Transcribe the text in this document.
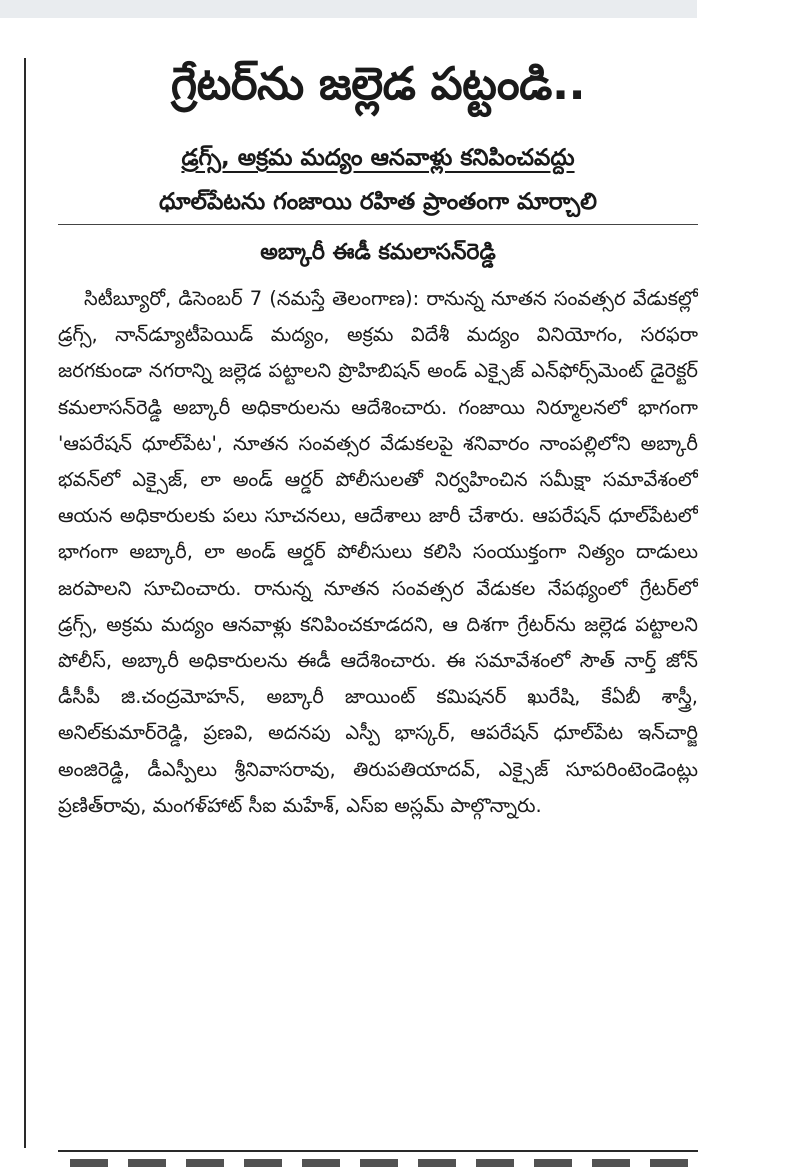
గ్రేటర్‌ను జల్లెడ పట్టండి..
డ్రగ్స్‌, అక్రమ మద్యం ఆనవాళ్లు కనిపించవద్దు
ధూల్‌పేటను గంజాయి రహిత ప్రాంతంగా మార్చాలి
అబ్కారీ ఈడీ కమలాసన్‌రెడ్డి

సిటీబ్యూరో, డిసెంబర్‌ 7 (నమస్తే తెలంగాణ): రానున్న నూతన సంవత్సర వేడుకల్లో డ్రగ్స్‌, నాన్‌డ్యూటీపెయిడ్‌ మద్యం, అక్రమ విదేశీ మద్యం వినియోగం, సరఫరా జరగకుండా నగరాన్ని జల్లెడ పట్టాలని ప్రొహిబిషన్‌ అండ్‌ ఎక్సైజ్‌ ఎన్‌ఫోర్స్‌మెంట్‌ డైరెక్టర్‌ కమలాసన్‌రెడ్డి అబ్కారీ అధికారులను ఆదేశించారు. గంజాయి నిర్మూలనలో భాగంగా 'ఆపరేషన్‌ ధూల్‌పేట', నూతన సంవత్సర వేడుకలపై శనివారం నాంపల్లిలోని అబ్కారీ భవన్‌లో ఎక్సైజ్‌, లా అండ్‌ ఆర్డర్‌ పోలీసులతో నిర్వహించిన సమీక్షా సమావేశంలో ఆయన అధికారులకు పలు సూచనలు, ఆదేశాలు జారీ చేశారు. ఆపరేషన్‌ ధూల్‌పేటలో భాగంగా అబ్కారీ, లా అండ్‌ ఆర్డర్‌ పోలీసులు కలిసి సంయుక్తంగా నిత్యం దాడులు జరపాలని సూచించారు. రానున్న నూతన సంవత్సర వేడుకల నేపథ్యంలో గ్రేటర్‌లో డ్రగ్స్‌, అక్రమ మద్యం ఆనవాళ్లు కనిపించకూడదని, ఆ దిశగా గ్రేటర్‌ను జల్లెడ పట్టాలని పోలీస్‌, అబ్కారీ అధికారులను ఈడీ ఆదేశించారు. ఈ సమావేశంలో సౌత్‌ నార్త్‌ జోన్‌ డీసీపీ జి.చంద్రమోహన్‌, అబ్కారీ జాయింట్‌ కమిషనర్‌ ఖురేషి, కేఏబీ శాస్త్రీ, అనిల్‌కుమార్‌రెడ్డి, ప్రణవి, అదనపు ఎస్పీ భాస్కర్‌, ఆపరేషన్‌ ధూల్‌పేట ఇన్‌చార్జి అంజిరెడ్డి, డీఎస్పీలు శ్రీనివాసరావు, తిరుపతియాదవ్‌, ఎక్సైజ్‌ సూపరింటెండెంట్లు ప్రణిత్‌రావు, మంగళ్‌హాట్‌ సీఐ మహేశ్‌, ఎస్‌ఐ అస్లమ్‌ పాల్గొన్నారు.
